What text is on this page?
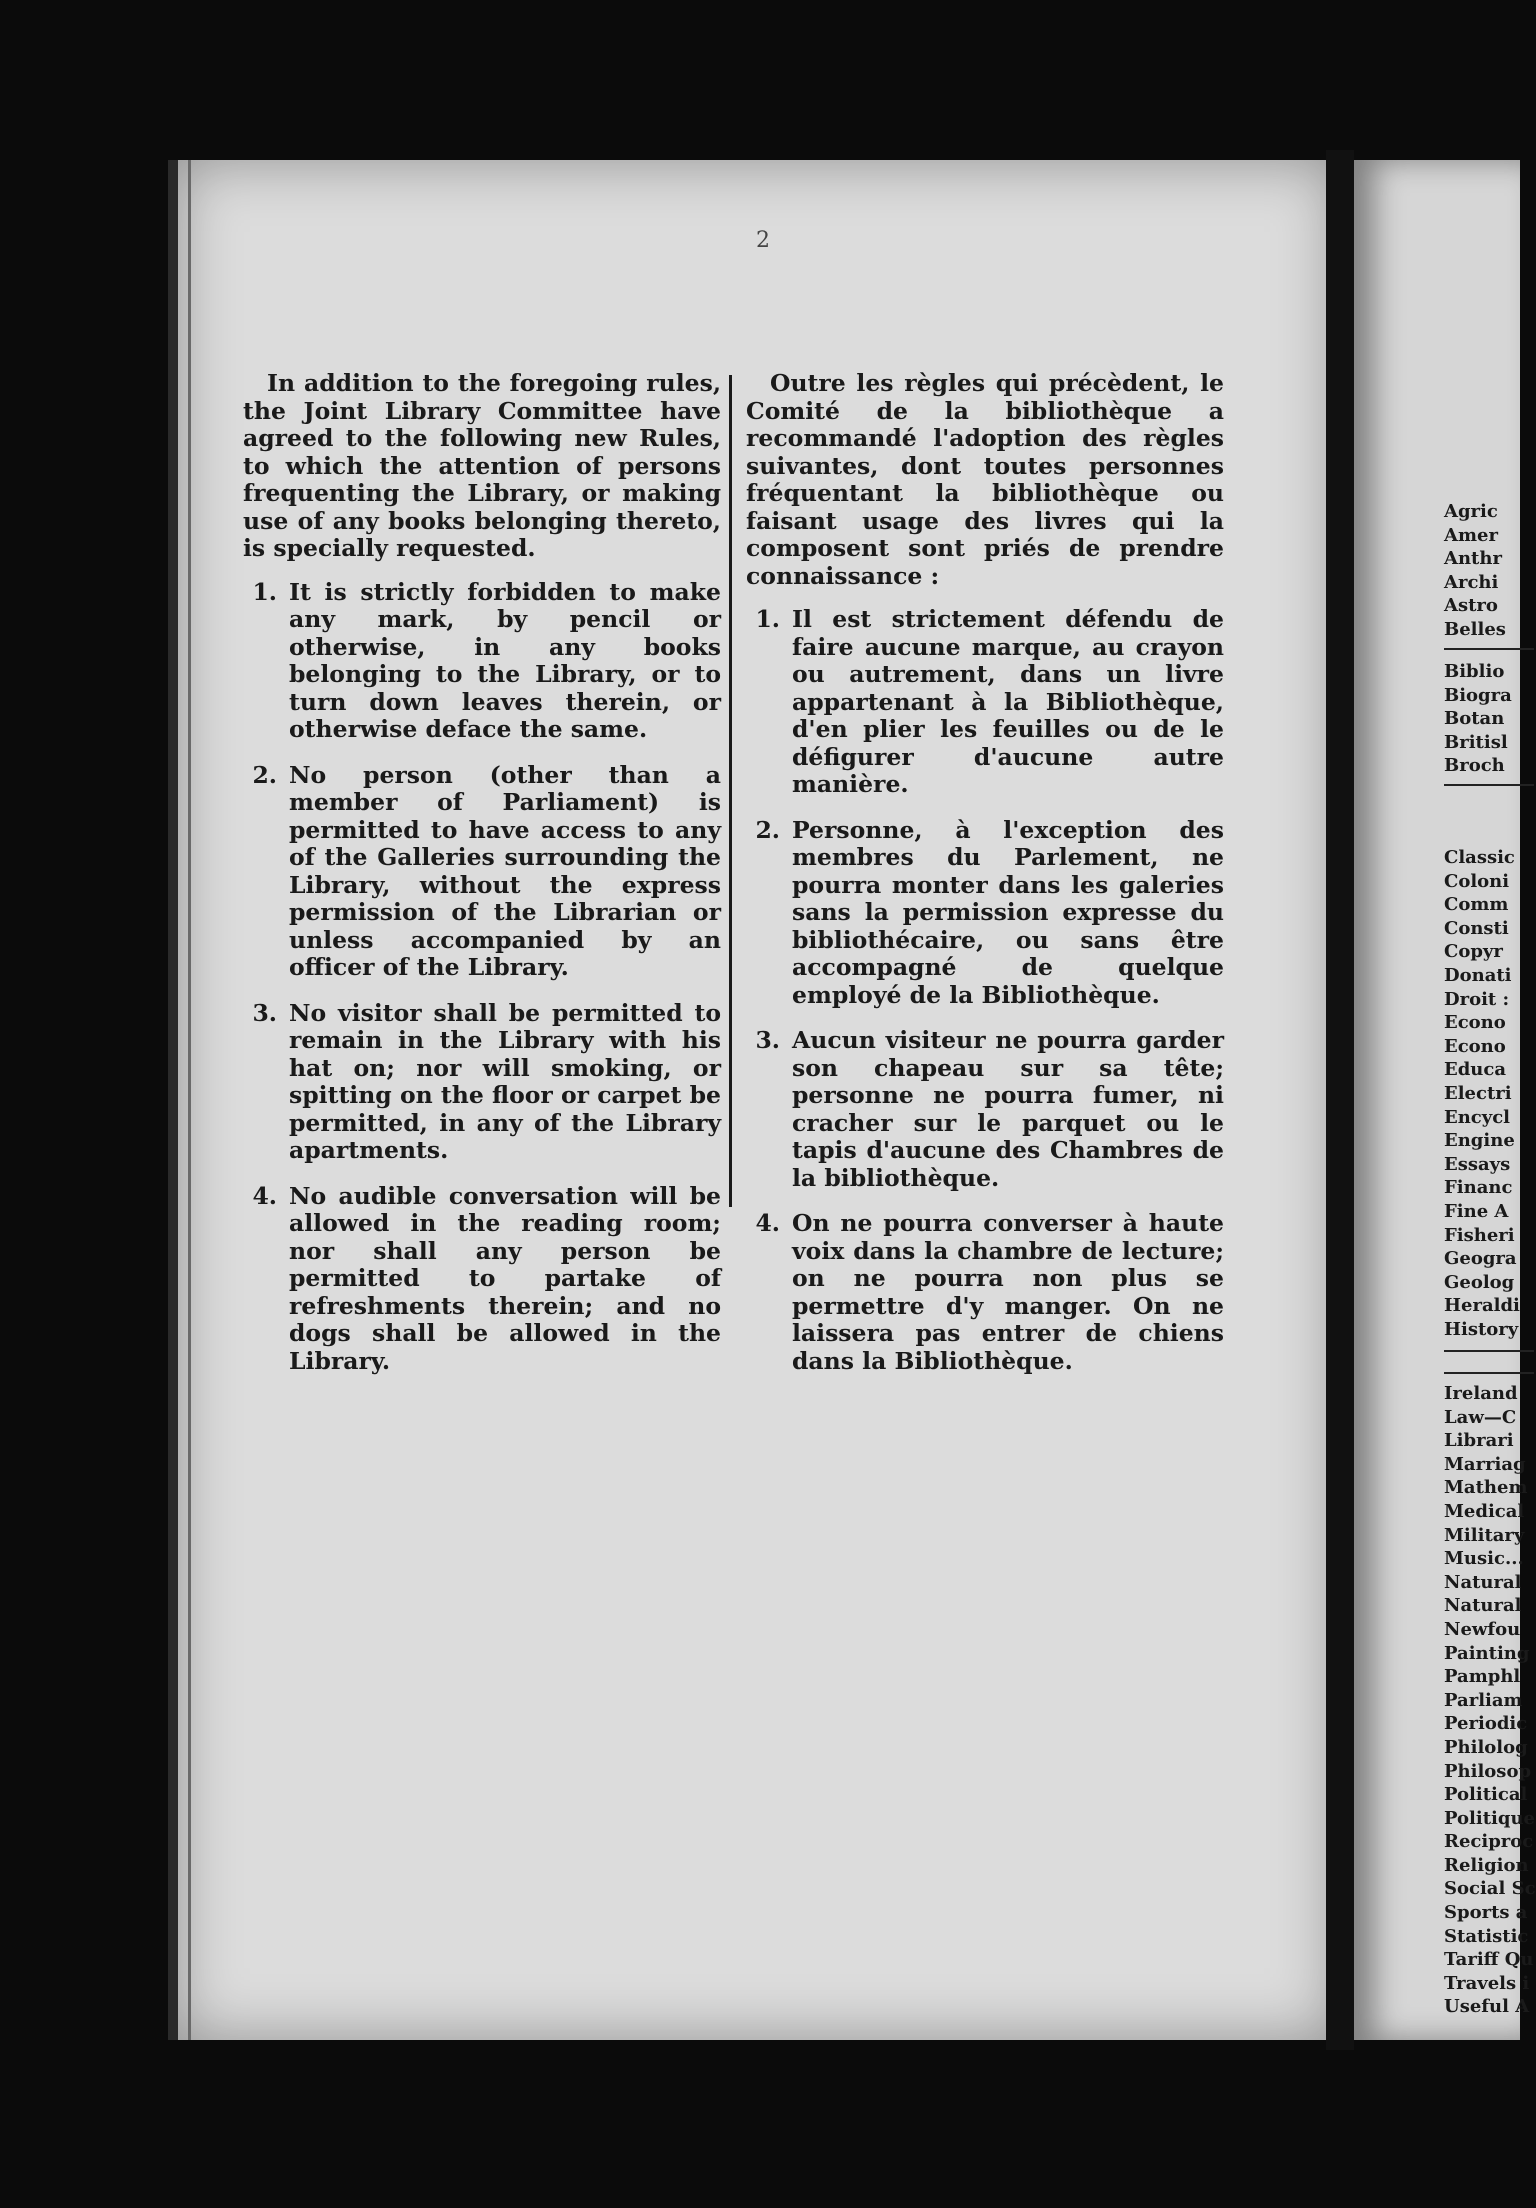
2

In addition to the foregoing rules, the Joint Library Committee have agreed to the following new Rules, to which the attention of persons frequenting the Library, or making use of any books belonging thereto, is specially requested.

1. It is strictly forbidden to make any mark, by pencil or otherwise, in any books belonging to the Library, or to turn down leaves therein, or otherwise deface the same.
2. No person (other than a member of Parliament) is permitted to have access to any of the Galleries surrounding the Library, without the express permission of the Librarian or unless accompanied by an officer of the Library.
3. No visitor shall be permitted to remain in the Library with his hat on; nor will smoking, or spitting on the floor or carpet be permitted, in any of the Library apartments.
4. No audible conversation will be allowed in the reading room; nor shall any person be permitted to partake of refreshments therein; and no dogs shall be allowed in the Library.

Outre les règles qui précèdent, le Comité de la bibliothèque a recommandé l'adoption des règles suivantes, dont toutes personnes fréquentant la bibliothèque ou faisant usage des livres qui la composent sont priés de prendre connaissance :

1. Il est strictement défendu de faire aucune marque, au crayon ou autrement, dans un livre appartenant à la Bibliothèque, d'en plier les feuilles ou de le défigurer d'aucune autre manière.
2. Personne, à l'exception des membres du Parlement, ne pourra monter dans les galeries sans la permission expresse du bibliothécaire, ou sans être accompagné de quelque employé de la Bibliothèque.
3. Aucun visiteur ne pourra garder son chapeau sur sa tête; personne ne pourra fumer, ni cracher sur le parquet ou le tapis d'aucune des Chambres de la bibliothèque.
4. On ne pourra converser à haute voix dans la chambre de lecture; on ne pourra non plus se permettre d'y manger. On ne laissera pas entrer de chiens dans la Bibliothèque.
Agric
Amer
Anthr
Archi
Astro
Belles
Biblio
Biogra
Botan
Britisl
Broch
Classic
Coloni
Comm
Consti
Copyr
Donati
Droit :
Econo
Econo
Educa
Electri
Encycl
Engine
Essays
Financ
Fine A
Fisheri
Geogra
Geolog
Heraldi
History
Ireland
Law—C
Librari
Marriag
Mathem
Medical
Military
Music...
Natural
Natural
Newfou
Painting
Pamphl
Parliam
Periodic
Philolog
Philosop
Political
Politique
Reciproc
Religion
Social Sc
Sports a
Statistic
Tariff Qu
Travels i
Useful A
